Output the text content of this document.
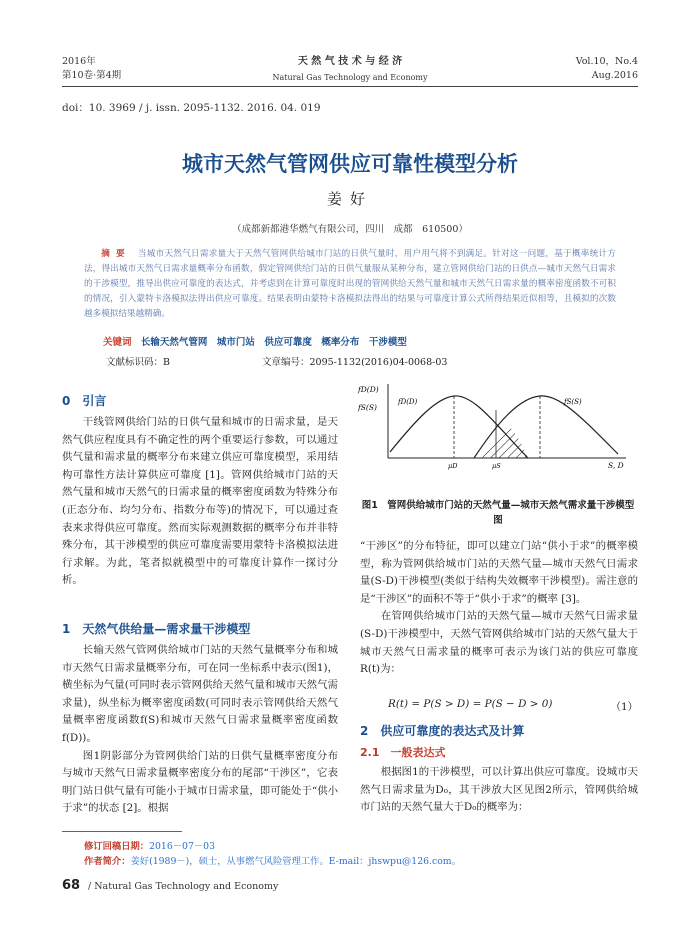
2016年
第10卷·第4期
天 然 气 技 术 与 经 济
Natural Gas Technology and Economy
Vol.10，No.4
Aug.2016
doi：10. 3969 / j. issn. 2095-1132. 2016. 04. 019
城市天然气管网供应可靠性模型分析
姜好
（成都新都港华燃气有限公司，四川　成都　610500）
摘要 当城市天然气日需求量大于天然气管网供给城市门站的日供气量时，用户用气将不到满足。针对这一问题，基于概率统计方法，得出城市天然气日需求量概率分布函数，假定管网供给门站的日供气量服从某种分布，建立管网供给门站的日供点—城市天然气日需求的干涉模型，推导出供应可靠度的表达式，并考虑到在计算可靠度时出现的管网供给天然气量和城市天然气日需求量的概率密度函数不可积的情况，引入蒙特卡洛模拟法得出供应可靠度。结果表明由蒙特卡洛模拟法得出的结果与可靠度计算公式所得结果近似相等，且模拟的次数越多模拟结果越精确。
关键词 长输天然气管网　城市门站　供应可靠度　概率分布　干涉模型
文献标识码：B	文章编号：2095-1132(2016)04-0068-03
0　引言

干线管网供给门站的日供气量和城市的日需求量，是天然气供应程度具有不确定性的两个重要运行参数，可以通过供气量和需求量的概率分布来建立供应可靠度模型，采用结构可靠性方法计算供应可靠度 [1]。管网供给城市门站的天然气量和城市天然气的日需求量的概率密度函数为特殊分布(正态分布、均匀分布、指数分布等)的情况下，可以通过查表来求得供应可靠度。然而实际观测数据的概率分布并非特殊分布，其干涉模型的供应可靠度需要用蒙特卡洛模拟法进行求解。为此，笔者拟就模型中的可靠度计算作一探讨分析。

1　天然气供给量—需求量干涉模型

长输天然气管网供给城市门站的天然气量概率分布和城市天然气日需求量概率分布，可在同一坐标系中表示(图1)，横坐标为气量(可同时表示管网供给天然气量和城市天然气需求量)，纵坐标为概率密度函数(可同时表示管网供给天然气量概率密度函数f(S)和城市天然气日需求量概率密度函数f(D))。

图1阴影部分为管网供给门站的日供气量概率密度分布与城市天然气日需求量概率密度分布的尾部“干涉区”，它表明门站日供气量有可能小于城市日需求量，即可能处于“供小于求”的状态 [2]。根据

fD(D)
fS(S)
fD(D)	fS(S)
μD	μS	S, D
图1　管网供给城市门站的天然气量—城市天然气需求量干涉模型图

“干涉区”的分布特征，即可以建立门站“供小于求”的概率模型，称为管网供给城市门站的天然气量—城市天然气日需求量(S-D)干涉模型(类似于结构失效概率干涉模型)。需注意的是“干涉区”的面积不等于“供小于求”的概率 [3]。

在管网供给城市门站的天然气量—城市天然气日需求量(S-D)干涉模型中，天然气管网供给城市门站的天然气量大于城市天然气日需求量的概率可表示为该门站的供应可靠度R(t)为：

R(t) = P(S > D) = P(S − D > 0)	（1）
2　供应可靠度的表达式及计算
2.1　一般表达式

根据图1的干涉模型，可以计算出供应可靠度。设城市天然气日需求量为D₀，其干涉放大区见图2所示，管网供给城市门站的天然气量大于D₀的概率为：

修订回稿日期：2016－07－03
作者简介：姜好(1989－)，硕士，从事燃气风险管理工作。E-mail：jhswpu@126.com。
68 / Natural Gas Technology and Economy
